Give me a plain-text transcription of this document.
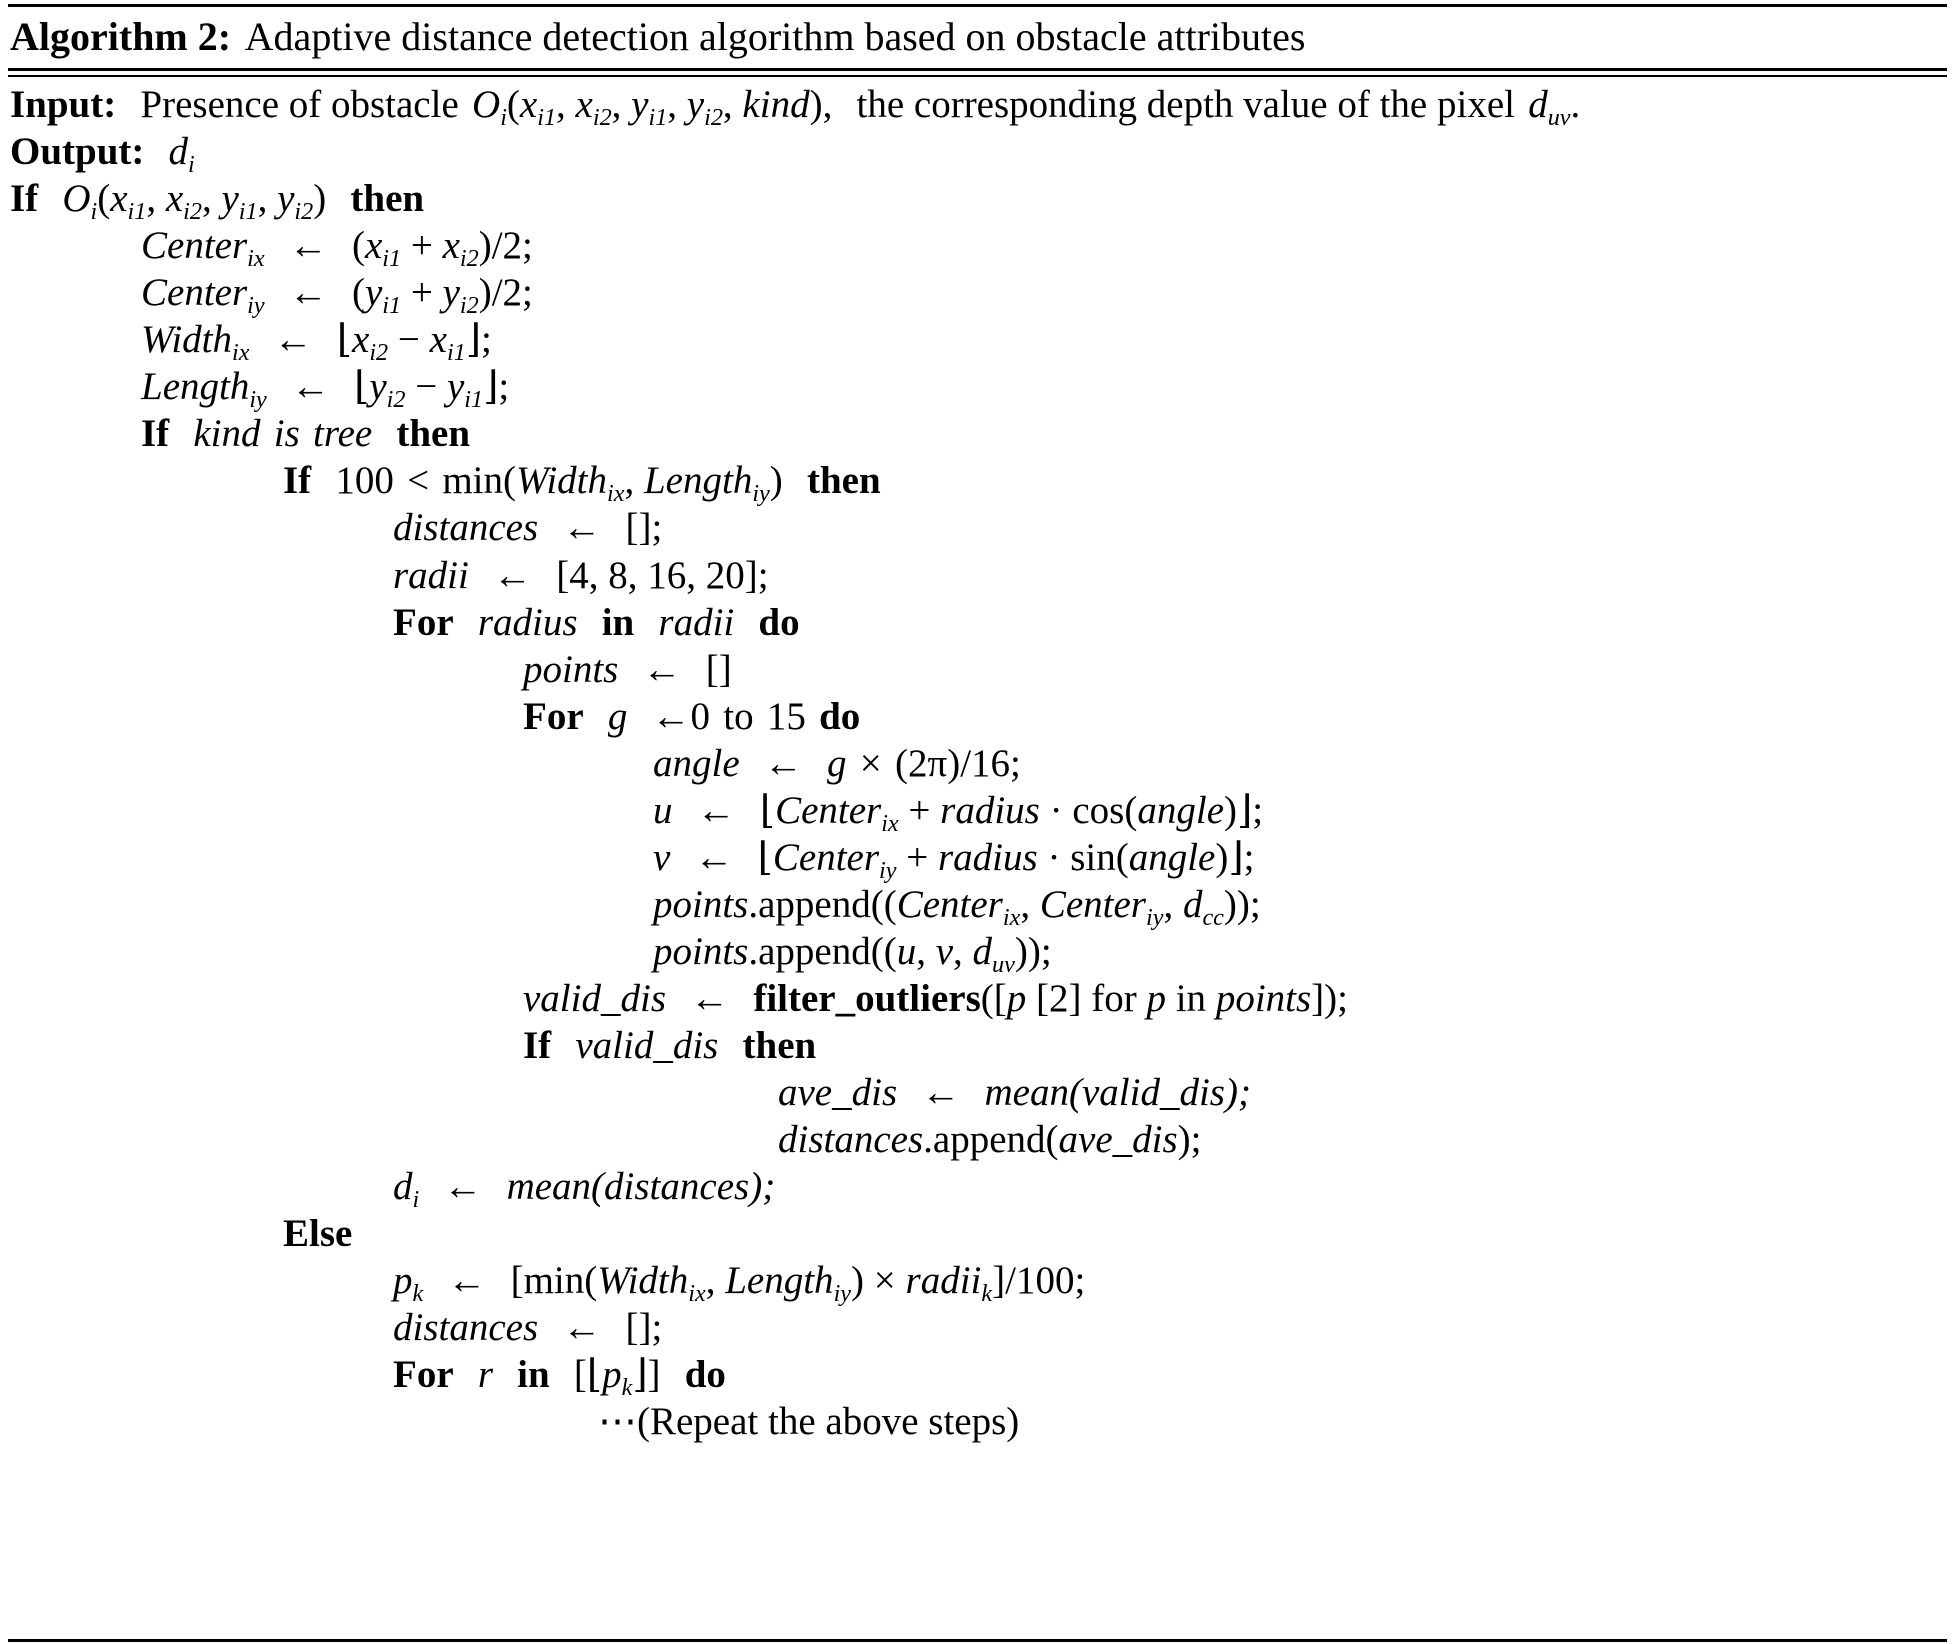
Algorithm 2: Adaptive distance detection algorithm based on obstacle attributes
Input: Presence of obstacle $O_i(x_{i1}$, $x_{i2}$, $y_{i1}$, $y_{i2}$, kind), the corresponding depth value of the pixel $d_{uv}$.
Output: $d_i$
If $O_i(x_{i1}$, $x_{i2}$, $y_{i1}$, $y_{i2}$) then
Center$_{ix}$ ← $(x_{i1} + x_{i2})/2$;
Center$_{iy}$ ← $(y_{i1} + y_{i2})/2$;
Width$_{ix}$ ← $⌊x_{i2}$ − $x_{i1}⌋$;
Length$_{iy}$ ← $⌊y_{i2}$ − $y_{i1}⌋$;
If kind is tree then
If 100 < min(Width$_{ix}$, Length$_{iy}$) then
distances ← [];
radii ← [4, 8, 16, 20];
For radius in radii do
points ← []
For g ←0 to 15 do
angle ← g × (2π)/16;
u ← ⌊Center$_{ix}$ + radius · cos(angle)⌋;
v ← ⌊Center$_{iy}$ + radius · sin(angle)⌋;
points.append((Center$_{ix}$, Center$_{iy}$, $d_{cc}$));
points.append((u, v, $d_{uv}$));
valid_dis ← filter_outliers([p [2] for p in points]);
If valid_dis then
ave_dis ← mean(valid_dis);
distances.append(ave_dis);
$d_i$ ← mean(distances);
Else
$p_k$ ← [min(Width$_{ix}$, Length$_{iy}$) × radii$_k$]/100;
distances ← [];
For r in $[⌊p_k⌋]$ do
⋯(Repeat the above steps)
